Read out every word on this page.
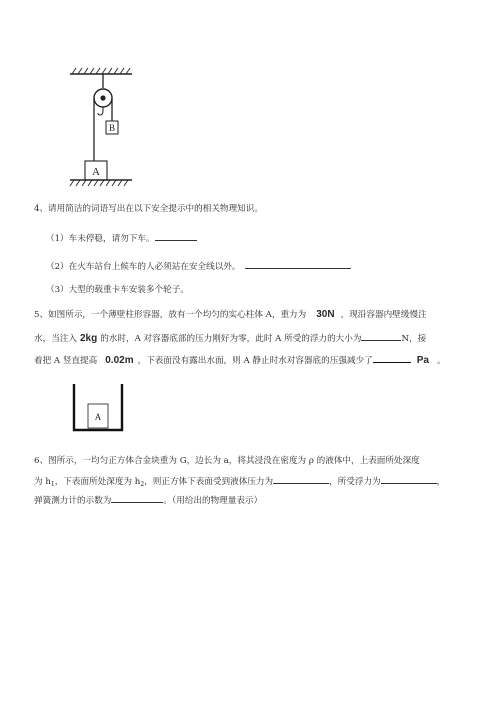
B
A
4、请用简洁的词语写出在以下安全提示中的相关物理知识。
（1）车未停稳，请勿下车。
（2）在火车站台上候车的人必须站在安全线以外。
（3）大型的载重卡车安装多个轮子。
5、如图所示，一个薄壁柱形容器，放有一个均匀的实心柱体 A，重力为 30N ，现沿容器内壁缓慢注
水，当注入 2kg 的水时，A 对容器底部的压力刚好为零，此时 A 所受的浮力的大小为	N，接
着把 A 竖直提高 0.02m ，下表面没有露出水面，则 A 静止时水对容器底的压强减少了	Pa 。
A
6、图所示，一均匀正方体合金块重为 G，边长为 a，将其浸没在密度为 ρ 的液体中，上表面所处深度
为 $h_1$，下表面所处深度为 $h_2$，则正方体下表面受到液体压力为	，所受浮力为	，
弹簧测力计的示数为	。（用给出的物理量表示）
